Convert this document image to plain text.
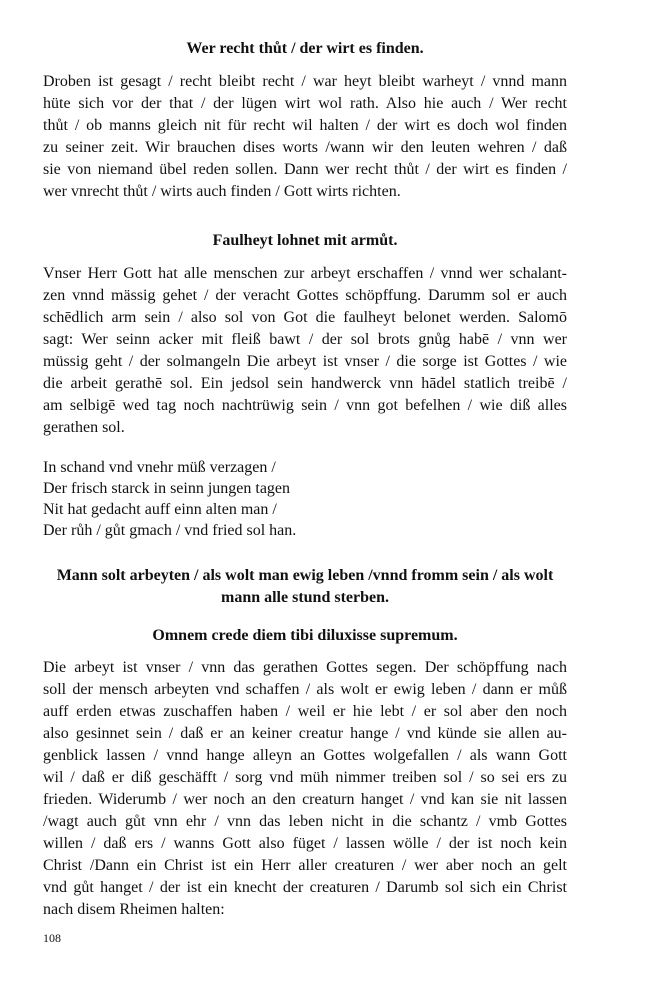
Wer recht thůt / der wirt es finden.

Droben ist gesagt / recht bleibt recht / war heyt bleibt warheyt / vnnd mann
hüte sich vor der that / der lügen wirt wol rath. Also hie auch / Wer recht
thůt / ob manns gleich nit für recht wil halten / der wirt es doch wol finden
zu seiner zeit. Wir brauchen dises worts /wann wir den leuten wehren / daß
sie von niemand übel reden sollen. Dann wer recht thůt / der wirt es finden /
wer vnrecht thůt / wirts auch finden / Gott wirts richten.

Faulheyt lohnet mit armůt.

Vnser Herr Gott hat alle menschen zur arbeyt erschaffen / vnnd wer schalant-
zen vnnd mässig gehet / der veracht Gottes schöpffung. Darumm sol er auch
schēdlich arm sein / also sol von Got die faulheyt belonet werden. Salomō
sagt: Wer seinn acker mit fleiß bawt / der sol brots gnůg habē / vnn wer
müssig geht / der solmangeln Die arbeyt ist vnser / die sorge ist Gottes / wie
die arbeit gerathē sol. Ein jedsol sein handwerck vnn hādel statlich treibē /
am selbigē wed tag noch nachtrüwig sein / vnn got befelhen / wie diß alles
gerathen sol.
In schand vnd vnehr müß verzagen /
Der frisch starck in seinn jungen tagen
Nit hat gedacht auff einn alten man /
Der růh / gůt gmach / vnd fried sol han.
Mann solt arbeyten / als wolt man ewig leben /vnnd fromm sein / als wolt
mann alle stund sterben.

Omnem crede diem tibi diluxisse supremum.

Die arbeyt ist vnser / vnn das gerathen Gottes segen. Der schöpffung nach
soll der mensch arbeyten vnd schaffen / als wolt er ewig leben / dann er můß
auff erden etwas zuschaffen haben / weil er hie lebt / er sol aber den noch
also gesinnet sein / daß er an keiner creatur hange / vnd künde sie allen au-
genblick lassen / vnnd hange alleyn an Gottes wolgefallen / als wann Gott
wil / daß er diß geschäfft / sorg vnd müh nimmer treiben sol / so sei ers zu
frieden. Widerumb / wer noch an den creaturn hanget / vnd kan sie nit lassen
/wagt auch gůt vnn ehr / vnn das leben nicht in die schantz / vmb Gottes
willen / daß ers / wanns Gott also füget / lassen wölle / der ist noch kein
Christ /Dann ein Christ ist ein Herr aller creaturen / wer aber noch an gelt
vnd gůt hanget / der ist ein knecht der creaturen / Darumb sol sich ein Christ
nach disem Rheimen halten:
108
